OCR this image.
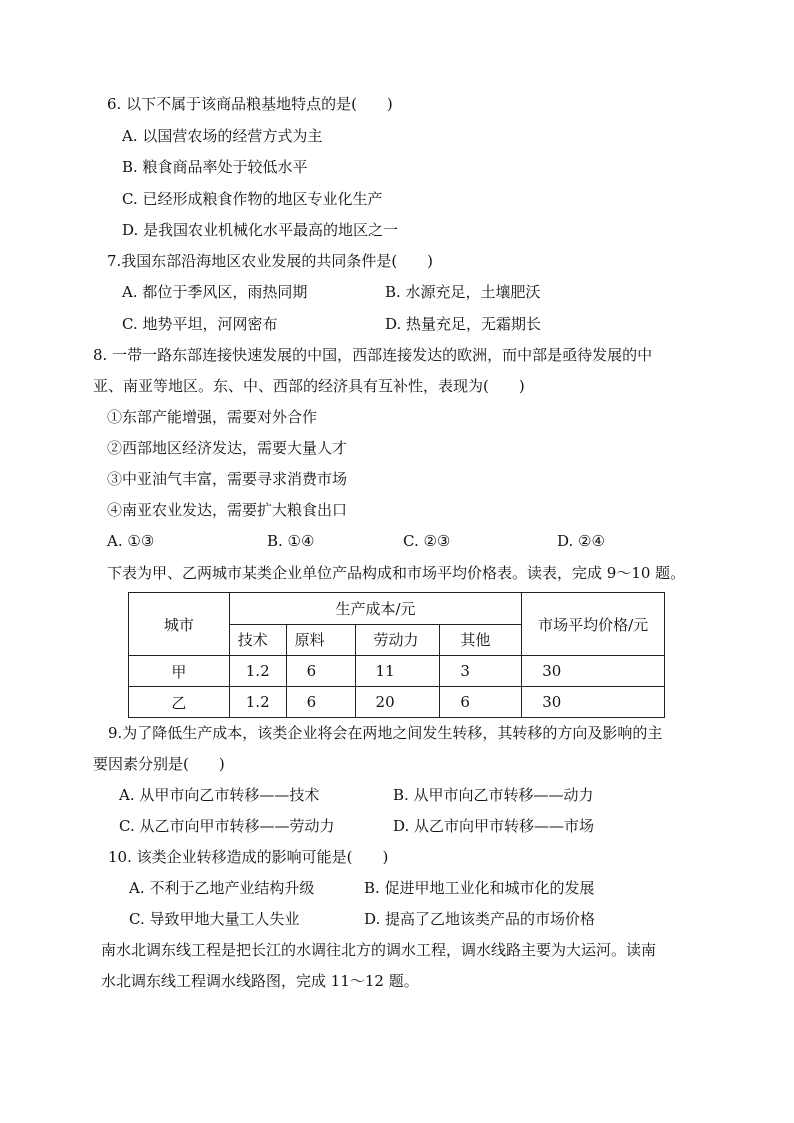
6. 以下不属于该商品粮基地特点的是(　　)
A. 以国营农场的经营方式为主
B. 粮食商品率处于较低水平
C. 已经形成粮食作物的地区专业化生产
D. 是我国农业机械化水平最高的地区之一
7.我国东部沿海地区农业发展的共同条件是(　　)
A. 都位于季风区，雨热同期	B. 水源充足，土壤肥沃
C. 地势平坦，河网密布	D. 热量充足，无霜期长
8. 一带一路东部连接快速发展的中国，西部连接发达的欧洲，而中部是亟待发展的中
亚、南亚等地区。东、中、西部的经济具有互补性，表现为(　　)
①东部产能增强，需要对外合作
②西部地区经济发达，需要大量人才
③中亚油气丰富，需要寻求消费市场
④南亚农业发达，需要扩大粮食出口
A. ①③	B. ①④	C. ②③	D. ②④
下表为甲、乙两城市某类企业单位产品构成和市场平均价格表。读表，完成 9～10 题。
城市	生产成本/元				市场平均价格/元
	技术	原料	劳动力	其他	
甲	1.2	6	11	3	30
乙	1.2	6	20	6	30
9.为了降低生产成本，该类企业将会在两地之间发生转移，其转移的方向及影响的主
要因素分别是(　　)
A. 从甲市向乙市转移——技术	B. 从甲市向乙市转移——动力
C. 从乙市向甲市转移——劳动力	D. 从乙市向甲市转移——市场
10. 该类企业转移造成的影响可能是(　　)
A. 不利于乙地产业结构升级	B. 促进甲地工业化和城市化的发展
C. 导致甲地大量工人失业	D. 提高了乙地该类产品的市场价格
南水北调东线工程是把长江的水调往北方的调水工程，调水线路主要为大运河。读南
水北调东线工程调水线路图，完成 11～12 题。
